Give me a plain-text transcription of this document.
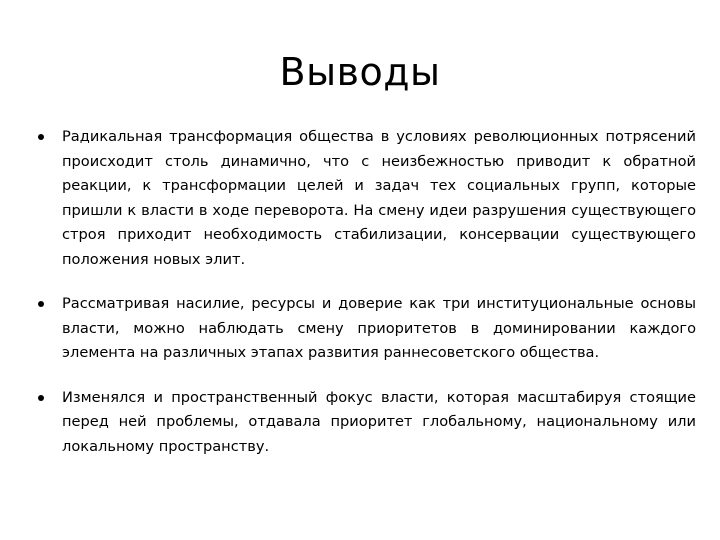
Выводы
Радикальная трансформация общества в условиях революционных потрясений происходит столь динамично, что с неизбежностью приводит к обратной реакции, к трансформации целей и задач тех социальных групп, которые пришли к власти в ходе переворота. На смену идеи разрушения существующего строя приходит необходимость стабилизации, консервации существующего положения новых элит.
Рассматривая насилие, ресурсы и доверие как три институциональные основы власти, можно наблюдать смену приоритетов в доминировании каждого элемента на различных этапах развития раннесоветского общества.
Изменялся и пространственный фокус власти, которая масштабируя стоящие перед ней проблемы, отдавала приоритет глобальному, национальному или локальному пространству.
